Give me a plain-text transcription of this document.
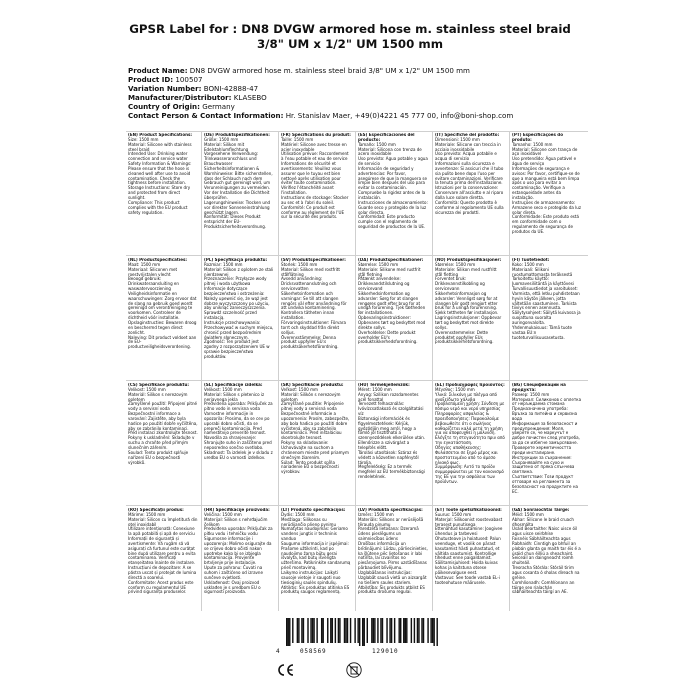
GPSR Label for : DN8 DVGW armored hose m. stainless steel braid
3/8" UM x 1/2" UM 1500 mm
Product Name: DN8 DVGW armored hose m. stainless steel braid 3/8" UM x 1/2" UM 1500 mm
Product ID: 100507
Variation Number: BONI-42888-47
Manufacturer/Distributor: KLASEBO
Country of Origin: Germany
Contact Person & Contact Information: Hr. Stanislav Maer, +49(0)4221 45 777 00, info@boni-shop.com
4	058569	129010
(EN) Product Specifications:
Size: 1500 mm
Material: Silicone with stainless steel braid
Intended Use: Drinking water connection and service water
Safety Information & Warnings: Please ensure that the hose is cleaned well after use to avoid contamination. Check the tightness before installation.
Storage Instructions: Store dry and protected from direct sunlight.
Compliance: This product complies with the EU product safety regulation.
(DE) Produktspezifikationen:
Größe: 1500 mm
Material: Silikon mit Edelstahlumflechtung
Vorgesehene Verwendung: Trinkwasseranschluss und Brauchwasser
Sicherheitsinformationen & Warnhinweise: Bitte sicherstellen, dass der Schlauch nach dem Gebrauch gut gereinigt wird, um Verunreinigungen zu vermeiden. Vor der Installation die Dichtheit überprüfen.
Lagerungshinweise: Trocken und vor direkter Sonneneinstrahlung geschützt lagern.
Konformität: Dieses Produkt entspricht der EU-Produktsicherheitsverordnung.
(FR) Spécifications du produit:
Taille: 1500 mm
Matériel: Silicone avec tresse en acier inoxydable
Utilisation prévue: Raccordement à l'eau potable et eau de service
Informations de sécurité et avertissements: Veuillez vous assurer que le tuyau est bien nettoyé après utilisation pour éviter toute contamination. Vérifiez l'étanchéité avant l'installation.
Instructions de stockage: Stocker au sec et à l'abri du soleil.
Conformité: Ce produit est conforme au règlement de l'UE sur la sécurité des produits.
(ES) Especificaciones del producto:
Tamaño: 1500 mm
Material: Silicona con trenza de acero inoxidable
Uso previsto: Agua potable y agua de servicio
Información de seguridad y advertencias: Por favor, asegúrese de que la manguera se limpie bien después del uso para evitar la contaminación. Compruebe la rigidez antes de la instalación.
Instrucciones de almacenamiento: Guarde seco y protegido de la luz solar directa.
Conformidad: Este producto cumple con el reglamento de seguridad de productos de la UE.
(IT) Specifiche del prodotto:
Dimensioni: 1500 mm
Materiale: Silicone con treccia in acciaio inossidabile
Uso previsto: Acqua potabile e acqua di servizio
Informazioni sulla sicurezza e avvertenze: Si assicuri che il tubo sia pulito bene dopo l'uso per evitare contaminazioni. Verificare la tenuta prima dell'installazione.
Istruzioni per la conservazione: Conservare all'asciutto e al riparo dalla luce solare diretta.
Conformità: Questo prodotto è conforme al regolamento UE sulla sicurezza dei prodotti.
(PT) Especificações do produto:
Tamanho: 1500 mm
Material: Silicone com trança de aço inoxidável
Uso pretendido: Água potável e água de serviço
Informações de segurança e avisos: Por favor, certifique-se de que a mangueira está bem limpa após o uso para evitar a contaminação. Verifique a estanqueidade antes da instalação.
Instruções de armazenamento: Armazene seco e protegido da luz solar direta.
Conformidade: Este produto está em conformidade com o regulamento de segurança de produtos da UE.
(NL) Productspecificaties:
Maat: 1500 mm
Materiaal: Siliconen met roestvrijstalen vlecht
Beoogd gebruik: Drinkwateraansluiting en waswatervoorziening
Veiligheidsinformatie en waarschuwingen: Zorg ervoor dat de slang na gebruik goed wordt gereinigd om verontreiniging te voorkomen. Controleer de dichtheid vóór installatie.
Opslaginstructies: Bewaren droog en beschermd tegen direct zonlicht.
Naleving: Dit product voldoet aan de EU-productveiligheidsverordening.
(PL) Specyfikacja produktu:
Rozmiar: 1500 mm
Materiał: Silikon z oplotem ze stali nierdzewnej
Przeznaczenie: Przyłącze wody pitnej i woda użytkowa
Informacje dotyczące bezpieczeństwa i ostrzeżenia: Należy upewnić się, że wąż jest dobrze wyczyszczony po użyciu, aby uniknąć zanieczyszczenia. Sprawdź szczelność przed instalacją.
Instrukcje przechowywania: Przechowywać w suchym miejscu, chronić przed bezpośrednim światłem słonecznym.
Zgodność: Ten produkt jest zgodny z rozporządzeniem UE w sprawie bezpieczeństwa produktów.
(SV) Produktspecifikationer:
Storlek: 1500 mm
Material: Silikon med rostfritt stålflätning
Avsedd användning: Dricksvattenanslutning och servicevatten
Säkerhetsinformation och varningar: Se till att slangen rengörs väl efter användning för att undvika kontaminering. Kontrollera tätheten innan installation.
Förvaringsinstruktioner: Förvara torrt och skyddad från direkt solljus.
Överensstämmelse: Denna produkt uppfyller EU:s produktsäkerhetsförordning.
(DA) Produktspecifikationer:
Størrelse: 1500 mm
Materiale: Silikone med rustfrit stål fletning
Påtænkt anvendelse: Drikkevandstilslutning og servicevand
Sikkerhedsinformation og advarsler: Sørg for at slangen rengøres godt efter brug for at undgå forurening. Tjek tætheden før installationen.
Opbevaringsinstruktioner: Opbevares tørt og beskyttet mod direkte sollys.
Overholdelse: Dette produkt overholder EU's produktsikkerhedsforordning.
(NO) Produktspesifikasjoner:
Størrelse: 1500 mm
Materiale: Silikon med rustfritt stål fletting
Forventet bruk: Drikkevannstilkobling og servicevann
Sikkerhetsinformasjon og advarsler: Vennligst sørg for at slangen blir godt rengjort etter bruk for å unngå forurensning. Sjekk tettheten før installasjon.
Lagringsinstruksjoner: Oppbevar tørt og beskyttet mot direkte sollys.
Overensstemmelse: Dette produktet oppfyller EUs produktsikkerhetsforordning.
(FI) Tuotetiedot:
Koko: 1500 mm
Materiaali: Silikoni ruostumattomasta teräksestä
Tarkoitettu käyttö: Juomavesiliitäntä ja käyttövesi
Turvallisuustiedot ja varoitukset: Varmista, että letku puhdistetaan hyvin käytön jälkeen, jotta vältetään saastuminen. Tarkista tiiviys ennen asennusta.
Säilytysohjeet: Säilytä kuivassa ja suojattuna suoralta auringonvalolta.
Yhdenmukaisuus: Tämä tuote vastaa EU:n tuoteturvallisuusasetusta.
(CS) Specifikace produktu:
Velikost: 1500 mm
Materiál: Silikon s nerezovým opletem
Zamýšlené použití: Připojení pitné vody a servisní voda
Bezpečnostní informace a varování: Zajistěte, aby byla hadice po použití dobře vyčištěna, aby se zabránilo kontaminaci. Před instalací zkontrolujte těsnost.
Pokyny k uskladnění: Skladujte v suchu a chraňte před přímým slunečním zářením.
Soulad: Tento produkt splňuje nařízení EU o bezpečnosti výrobků.
(SL) Specifikacije izdelka:
Velikost: 1500 mm
Material: Silikon s pletenico iz nerjavnega jekla
Predvidena uporaba: Priključek za pitno vodo in servisna voda
Varnostne informacije in opozorila: Prosimo, da se cev po uporabi dobro očisti, da se prepreči kontaminacija. Pred namestitvijo preverite tesnost.
Navodila za shranjevanje: Shranjujte suho in zaščiteno pred neposredno sončno svetlobo.
Skladnost: Ta izdelek je v skladu z uredbo EU o varnosti izdelkov.
(SK) Špecifikácie produktu:
Veľkosť: 1500 mm
Materiál: Silikón s nerezovým opletom
Zamýšľané použitie: Pripojenie pitnej vody a servisná voda
Bezpečnostné informácie a upozornenia: Prosím, zabezpečte, aby bola hadica po použití dobre vyčistená, aby sa zabránilo kontaminácii. Pred inštaláciou skontrolujte tesnosť.
Pokyny na skladovanie: Uchovávajte na suchom a chránenom mieste pred priamym slnečným žiarením.
Súlad: Tento produkt spĺňa nariadenie EÚ o bezpečnosti výrobkov.
(HU) Termékjellemzők:
Méret: 1500 mm
Anyag: Szilikon rozsdamentes acél fonattal
Tervezett felhasználás: Ivóvízcsatlakozó és szolgáltatási víz
Biztonsági információk és figyelmeztetések: Kérjük, győződjön meg arról, hogy a tömlő jól tisztítható a szennyeződések elkerülése után. Ellenőrizze a szivárgást a telepítés előtt.
Tárolási utasítások: Száraz és védett a közvetlen napfénytől tárolja.
Megfelelőség: Ez a termék megfelel az EU termékbiztonsági rendeletének.
(EL) Προδιαγραφές προϊόντος:
Μέγεθος: 1500 mm
Υλικό: Σιλικόνη με πλέγμα από ανοξείδωτο χάλυβα
Προβλεπόμενη χρήση: Σύνδεση με πόσιμο νερό και νερό υπηρεσίας
Πληροφορίες ασφαλείας & προειδοποιήσεις: Παρακαλούμε βεβαιωθείτε ότι ο σωλήνας καθαρίζεται καλά μετά τη χρήση για να αποφευχθεί η μόλυνση. Ελέγξτε τη στεγανότητα πριν από την εγκατάσταση.
Οδηγίες αποθήκευσης: Φυλάσσεται σε ξηρό μέρος και προστατευμένο από το άμεσο ηλιακό φως.
Συμμόρφωση: Αυτό το προϊόν συμμορφώνεται με τον κανονισμό της ΕΕ για την ασφάλεια των προϊόντων.
(BG) Спецификации на продукта:
Размер: 1500 mm
Материал: Силиконов с оплетка от неръждаема стомана
Предназначена употреба: Връзка за питейна и сервизна вода
Информация за безопасност и предупреждения: Моля, уверете се, че маркучът е добре почистен след употреба, за да се избегне замърсяване. Проверете херметичността преди инсталиране.
Инструкции за съхранение: Съхранявайте на сухо и защитено от пряка слънчева светлина.
Съответствие: Този продукт отговаря на регламента за безопасност на продуктите на ЕС.
(RO) Specificații produs:
Mărime: 1500 mm
Material: Silicon cu împletitură din oțel inoxidabil
Utilizare intenționată: Conexiune la apă potabilă și apă de serviciu
Informații de siguranță și avertismente: Vă rugăm să vă asigurați că furtunul este curățat bine după utilizare pentru a evita contaminarea. Verificați etanșeitatea înainte de instalare.
Instrucțiuni de depozitare: A se păstra uscat și protejat de lumina directă a soarelui.
Conformitate: Acest produs este conform cu regulamentul UE privind siguranța produselor.
(HR) Specifikacije proizvoda:
Veličina: 1500 mm
Materijal: Silikon s nehrđajućim čelikom
Predviđena uporaba: Priključak za pitku vodu i tehničku vodu
Sigurnosne informacije i upozorenja: Molimo osigurajte da se crijevo dobro očisti nakon upotrebe kako bi se izbjegla kontaminacija. Provjerite brtvljenje prije instalacije.
Upute za pohranu: Čuvati na suhom i zaštićeno od izravne sunčeve svjetlosti.
Usklađenost: Ovaj proizvod usklađen je s uredbom EU o sigurnosti proizvoda.
(LT) Produkto specifikacijos:
Dydis: 1500 mm
Medžiaga: Silikonas su nerūdijančio plieno pynimu
Numatytas naudojimas: Geriamo vandens jungtis ir techninis vanduo
Saugumo informacija ir įspėjimai: Prašome užtikrinti, kad po naudojimo žarna būtų gerai išvalyta, kad būtų išvengta užteršimo. Patikrinkite sandarumą prieš montavimą.
Laikymo instrukcijos: Laikyti sausoje vietoje ir saugoti nuo tiesioginių saulės spindulių.
Atitiktis: Šis produktas atitinka ES produktų saugos reglamentą.
(LV) Produkta specifikācijas:
Izmērs: 1500 mm
Materiāls: Silikons ar nerūsējošā tērauda pinumu
Paredzētā lietošana: Dzeramā ūdens pieslēgums un saimniecības ūdens
Drošības informācija un brīdinājumi: Lūdzu, pārliecinieties, ka šļūtene pēc lietošanas ir labi notīrīta, lai izvairītos no piesārņojuma. Pirms uzstādīšanas pārbaudiet blīvējumu.
Uzglabāšanas instrukcijas: Uzglabāt sausā vietā un aizsargāt no tiešiem saules stariem.
Atbilstība: Šis produkts atbilst ES produktu drošuma regulai.
(ET) Toote spetsifikatsioonid:
Suurus: 1500 mm
Materjal: Silikoonist roostevabast terasest punutisega
Ettenähtud kasutamine: Joogivee ühendus ja tarbevesi
Ohutusteave ja hoiatused: Palun veenduge, et voolik on pärast kasutamist hästi puhastatud, et vältida saastumist. Kontrollige tihedust enne paigaldamist.
Säilitamisjuhised: Hoida kuivas kohas ja kaitstuna otsese päikesevalguse eest.
Vastavus: See toode vastab EL-i tooteohutuse määrusele.
(GA) Sonraíochtaí Táirge:
Méid: 1500 mm
Abhar: Silicone le braid cruach dhosmálta
Úsáid Beartaithe: Naisc uisce óil agus uisce seirbhíse
Faisnéis Sábháilteachta agus Rabhaidh: Cinntigh go bhfuil an píobán glanta go maith tar éis é a úsáid chun éilliú a sheachaint. Seiceáil an daingneacht roimh shuiteáil.
Treoracha Stórála: Stóráil tirim agus cosanta ó sholas díreach na gréine.
Comhlíonadh: Comhlíonann an táirge seo rialachán sábháilteachta táirgí an AE.
